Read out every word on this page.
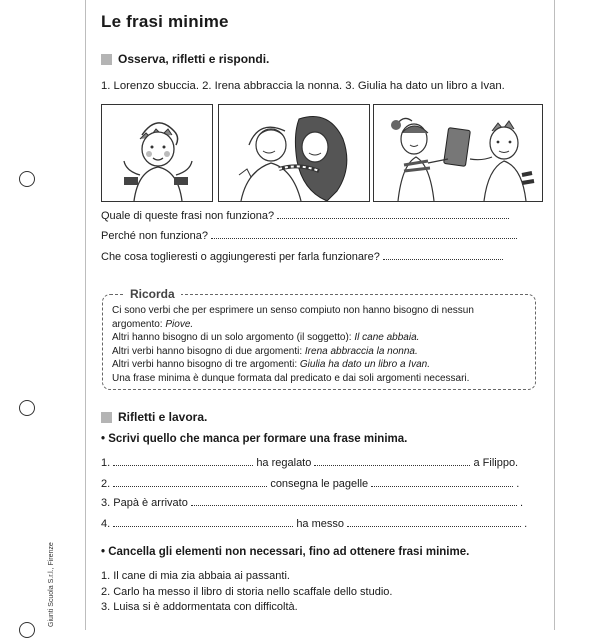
Giunti Scuola S.r.l., Firenze
Le frasi minime
Osserva, rifletti e rispondi.
1. Lorenzo sbuccia. 2. Irena abbraccia la nonna. 3. Giulia ha dato un libro a Ivan.
Quale di queste frasi non funziona?
Perché non funziona?
Che cosa toglieresti o aggiungeresti per farla funzionare?
Ricorda
Ci sono verbi che per esprimere un senso compiuto non hanno bisogno di nessun
argomento: Piove.
Altri hanno bisogno di un solo argomento (il soggetto): Il cane abbaia.
Altri verbi hanno bisogno di due argomenti: Irena abbraccia la nonna.
Altri verbi hanno bisogno di tre argomenti: Giulia ha dato un libro a Ivan.
Una frase minima è dunque formata dal predicato e dai soli argomenti necessari.
Rifletti e lavora.
• Scrivi quello che manca per formare una frase minima.
1.	ha regalato	a Filippo.
2.	consegna le pagelle	.
3. Papà è arrivato	.
4.	ha messo	.
• Cancella gli elementi non necessari, fino ad ottenere frasi minime.
1. Il cane di mia zia abbaia ai passanti.
2. Carlo ha messo il libro di storia nello scaffale dello studio.
3. Luisa si è addormentata con difficoltà.
